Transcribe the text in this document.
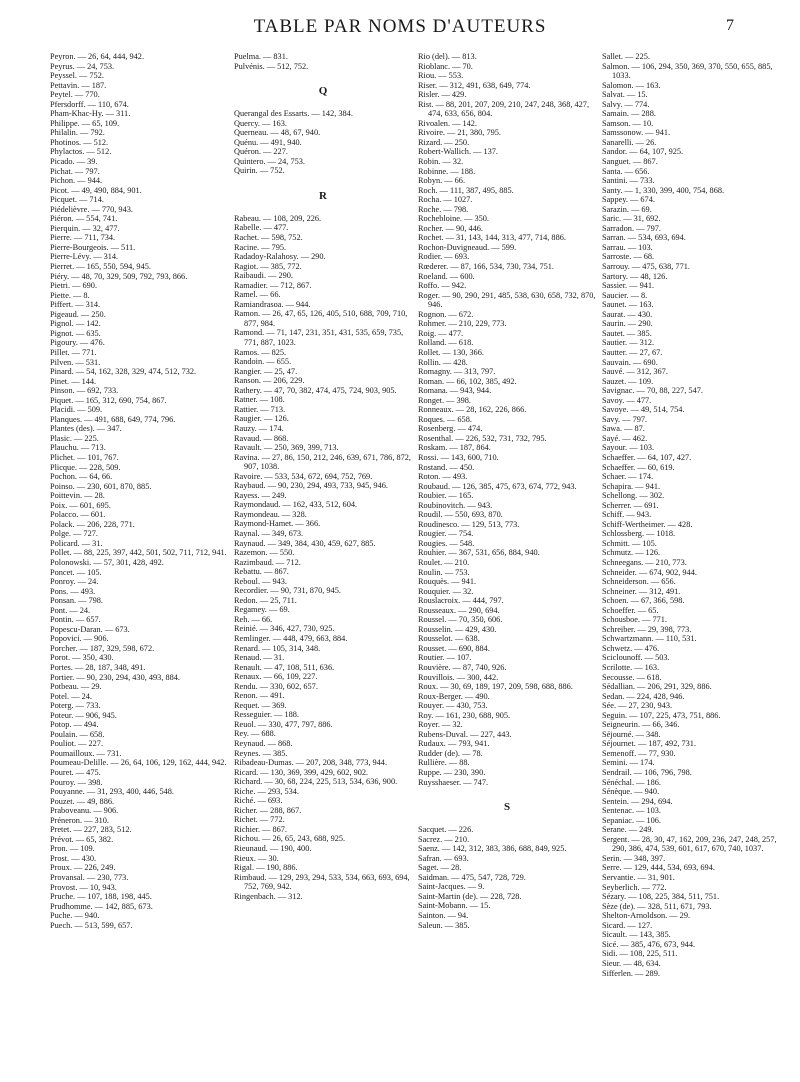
TABLE PAR NOMS D'AUTEURS	7
Peyron. — 26, 64, 444, 942.
Peyrus. — 24, 753.
Peyssel. — 752.
Pettavin. — 187.
Peytel. — 770.
Pfersdorff. — 110, 674.
Pham-Khac-Hy. — 311.
Philippe. — 65, 109.
Philalin. — 792.
Photinos. — 512.
Phylactos. — 512.
Picado. — 39.
Pichat. — 797.
Pichon. — 944.
Picot. — 49, 490, 884, 901.
Picquet. — 714.
Piédelièvre. — 770, 943.
Piéron. — 554, 741.
Pierquin. — 32, 477.
Pierre. — 711, 734.
Pierre-Bourgeois. — 511.
Pierre-Lévy. — 314.
Pierret. — 165, 550, 594, 945.
Piéry. — 48, 70, 329, 509, 792, 793, 866.
Pietri. — 690.
Piette. — 8.
Piffert. — 314.
Pigeaud. — 250.
Pignol. — 142.
Pignot. — 635.
Pigoury. — 476.
Pillet. — 771.
Pilven. — 531.
Pinard. — 54, 162, 328, 329, 474, 512, 732.
Pinet. — 144.
Pinson. — 692, 733.
Piquet. — 165, 312, 690, 754, 867.
Placidi. — 509.
Planques. — 491, 688, 649, 774, 796.
Plantes (des). — 347.
Plasic. — 225.
Plauchu. — 713.
Plichet. — 101, 767.
Plicque. — 228, 509.
Pochon. — 64, 66.
Poinso. — 230, 601, 870, 885.
Poittevin. — 28.
Poix. — 601, 695.
Polacco. — 601.
Polack. — 206, 228, 771.
Polge. — 727.
Policard. — 31.
Pollet. — 88, 225, 397, 442, 501, 502, 711, 712, 941.
Polonowski. — 57, 301, 428, 492.
Poncet. — 105.
Ponroy. — 24.
Pons. — 493.
Ponsan. — 798.
Pont. — 24.
Pontin. — 657.
Popescu-Daran. — 673.
Popovici. — 906.
Porcher. — 187, 329, 598, 672.
Porot. — 350, 430.
Portes. — 28, 187, 348, 491.
Portier. — 90, 230, 294, 430, 493, 884.
Potbeau. — 29.
Potel. — 24.
Poterg. — 733.
Poteur. — 906, 945.
Potop. — 494.
Poulain. — 658.
Pouliot. — 227.
Poumailloux. — 731.
Poumeau-Delille. — 26, 64, 106, 129, 162, 444, 942.
Pouret. — 475.
Pouroy. — 398.
Pouyanne. — 31, 293, 400, 446, 548.
Pouzet. — 49, 886.
Prabovеanu. — 906.
Préneron. — 310.
Pretet. — 227, 283, 512.
Prévot. — 65, 382.
Pron. — 109.
Prost. — 430.
Proux. — 226, 249.
Provansal. — 230, 773.
Provost. — 10, 943.
Pruche. — 107, 188, 198, 445.
Prudhomme. — 142, 885, 673.
Puche. — 940.
Puech. — 513, 599, 657.
Puelma. — 831.
Pulvénis. — 512, 752.
Q
Querangal des Essarts. — 142, 384.
Quercy. — 163.
Querneau. — 48, 67, 940.
Quénu. — 491, 940.
Quéron. — 227.
Quintero. — 24, 753.
Quirin. — 752.
R
Rabeau. — 108, 209, 226.
Rabelle. — 477.
Rachet. — 598, 752.
Racine. — 795.
Radadoy-Ralahosy. — 290.
Ragiot. — 385, 772.
Raibaudi. — 290.
Ramadier. — 712, 867.
Ramel. — 66.
Ramiandrasoa. — 944.
Ramon. — 26, 47, 65, 126, 405, 510, 688, 709, 710, 877, 984.
Ramond. — 71, 147, 231, 351, 431, 535, 659, 735, 771, 887, 1023.
Ramos. — 825.
Randoin. — 655.
Rangier. — 25, 47.
Ranson. — 206, 229.
Rathery. — 47, 70, 382, 474, 475, 724, 903, 905.
Ratner. — 108.
Rattier. — 713.
Raugier. — 126.
Rauzy. — 174.
Ravaud. — 868.
Ravault. — 250, 369, 399, 713.
Ravina. — 27, 86, 150, 212, 246, 639, 671, 786, 872, 907, 1038.
Ravoire. — 533, 534, 672, 694, 752, 769.
Raybaud. — 90, 230, 294, 493, 733, 945, 946.
Rayess. — 249.
Raymondaud. — 162, 433, 512, 604.
Raymondeau. — 328.
Raymond-Hamet. — 366.
Raynal. — 349, 673.
Raynaud. — 349, 384, 430, 459, 627, 885.
Razemon. — 550.
Razimbaud. — 712.
Rebattu. — 867.
Reboul. — 943.
Recordier. — 90, 731, 870, 945.
Redon. — 25, 711.
Regamey. — 69.
Reh. — 66.
Reinié. — 346, 427, 730, 925.
Remlinger. — 448, 479, 663, 884.
Renard. — 105, 314, 348.
Renaud. — 31.
Renault. — 47, 108, 511, 636.
Renaux. — 66, 109, 227.
Rendu. — 330, 602, 657.
Renon. — 491.
Requet. — 369.
Resseguier. — 188.
Reuol. — 330, 477, 797, 886.
Rey. — 688.
Reynaud. — 868.
Reynes. — 385.
Ribadeau-Dumas. — 207, 208, 348, 773, 944.
Ricard. — 130, 369, 399, 429, 602, 902.
Richard. — 30, 68, 224, 225, 513, 534, 636, 900.
Riche. — 293, 534.
Riché. — 693.
Richer. — 288, 867.
Richet. — 772.
Richier. — 867.
Richou. — 26, 65, 243, 688, 925.
Rieunaud. — 190, 400.
Rieux. — 30.
Rigal. — 190, 886.
Rimbaud. — 129, 293, 294, 533, 534, 663, 693, 694, 752, 769, 942.
Ringenbach. — 312.
Rio (del). — 813.
Rioblanc. — 70.
Riou. — 553.
Riser. — 312, 491, 638, 649, 774.
Risler. — 429.
Rist. — 88, 201, 207, 209, 210, 247, 248, 368, 427, 474, 633, 656, 804.
Rivoalen. — 142.
Rivoire. — 21, 380, 795.
Rizard. — 250.
Robert-Wallich. — 137.
Robin. — 32.
Robinne. — 188.
Robyn. — 66.
Roch. — 111, 387, 495, 885.
Rocha. — 1027.
Roche. — 798.
Rocheblоine. — 350.
Rocher. — 90, 446.
Rochet. — 31, 143, 144, 313, 477, 714, 886.
Rochon-Duvigneaud. — 599.
Rodier. — 693.
Rœderer. — 87, 166, 534, 730, 734, 751.
Roeland. — 600.
Roffo. — 942.
Roger. — 90, 290, 291, 485, 538, 630, 658, 732, 870, 946.
Rognon. — 672.
Rohmer. — 210, 229, 773.
Roig. — 477.
Rolland. — 618.
Rollet. — 130, 366.
Rollin. — 428.
Romagny. — 313, 797.
Roman. — 66, 102, 385, 492.
Romana. — 943, 944.
Ronget. — 398.
Ronneaux. — 28, 162, 226, 866.
Roques. — 658.
Rosenberg. — 474.
Rosenthal. — 226, 532, 731, 732, 795.
Roskam. — 187, 864.
Rossi. — 143, 600, 710.
Rostand. — 450.
Roton. — 493.
Roubaud. — 126, 385, 475, 673, 674, 772, 943.
Roubier. — 165.
Roubinovitch. — 943.
Roudil. — 550, 693, 870.
Roudinesco. — 129, 513, 773.
Rougier. — 754.
Rougies. — 548.
Rouhier. — 367, 531, 656, 884, 940.
Roulet. — 210.
Roulin. — 753.
Rouquès. — 941.
Rouquier. — 32.
Rouslacroix. — 444, 797.
Rousseaux. — 290, 694.
Roussel. — 70, 350, 606.
Rousselin. — 429, 430.
Rousselot. — 638.
Rousset. — 690, 884.
Routier. — 107.
Rouvière. — 87, 740, 926.
Rouvillois. — 300, 442.
Roux. — 30, 69, 189, 197, 209, 598, 688, 886.
Roux-Berger. — 490.
Rouyer. — 430, 753.
Roy. — 161, 230, 688, 905.
Royer. — 32.
Rubens-Duval. — 227, 443.
Rudaux. — 793, 941.
Rudder (de). — 78.
Rullière. — 88.
Ruppe. — 230, 390.
Ruysshaeser. — 747.
S
Sacquet. — 226.
Sacrez. — 210.
Saenz. — 142, 312, 383, 386, 688, 849, 925.
Safran. — 693.
Saget. — 28.
Saidman. — 475, 547, 728, 729.
Saint-Jacques. — 9.
Saint-Martin (de). — 228, 728.
Saint-Mobann. — 15.
Sainton. — 94.
Saleun. — 385.
Sallet. — 225.
Salmon. — 106, 294, 350, 369, 370, 550, 655, 885, 1033.
Salomon. — 163.
Salvat. — 15.
Salvy. — 774.
Samain. — 288.
Samson. — 10.
Samssonow. — 941.
Sanarelli. — 26.
Sandor. — 64, 107, 925.
Sanguet. — 867.
Santa. — 656.
Santini. — 733.
Santy. — 1, 330, 399, 400, 754, 868.
Sappey. — 674.
Sarazin. — 69.
Saric. — 31, 692.
Sarradon. — 797.
Sarran. — 534, 693, 694.
Sarrau. — 103.
Sarroste. — 68.
Sarrouy. — 475, 638, 771.
Sartory. — 48, 126.
Sassier. — 941.
Saucier. — 8.
Saunet. — 163.
Saurat. — 430.
Saurin. — 290.
Sautet. — 385.
Sautier. — 312.
Sautter. — 27, 67.
Sauvain. — 690.
Sauvé. — 312, 367.
Sauzet. — 109.
Savignac. — 70, 88, 227, 547.
Savoy. — 477.
Savoye. — 49, 514, 754.
Savy. — 797.
Sawa. — 87.
Sayé. — 462.
Sayour. — 103.
Schaeffer. — 64, 107, 427.
Schaeffer. — 60, 619.
Schaer. — 174.
Schapira. — 941.
Schellong. — 302.
Scherrer. — 691.
Schiff. — 943.
Schiff-Wertheimer. — 428.
Schlossberg. — 1018.
Schmitt. — 105.
Schmutz. — 126.
Schneegans. — 210, 773.
Schneider. — 674, 902, 944.
Schneiderson. — 656.
Schneiner. — 312, 491.
Schoen. — 67, 366, 598.
Schoeffer. — 65.
Schousboe. — 771.
Schreiber. — 29, 398, 773.
Schwartzmann. — 110, 531.
Schwetz. — 476.
Sciclounoff. — 503.
Scrilotte. — 163.
Secousse. — 618.
Sédallian. — 206, 291, 329, 886.
Sedan. — 224, 428, 946.
Sée. — 27, 230, 943.
Seguin. — 107, 225, 473, 751, 886.
Seigneurin. — 66, 346.
Séjourné. — 348.
Séjournet. — 187, 492, 731.
Semenoff. — 77, 930.
Semini. — 174.
Sendrail. — 106, 796, 798.
Sénéchal. — 186.
Sénèque. — 940.
Sentein. — 294, 694.
Sentenac. — 103.
Sepaniac. — 106.
Serane. — 249.
Sergent. — 28, 30, 47, 162, 209, 236, 247, 248, 257, 290, 386, 474, 539, 601, 617, 670, 740, 1037.
Serin. — 348, 397.
Serre. — 129, 444, 534, 693, 694.
Servantie. — 31, 901.
Seyberlich. — 772.
Sézary. — 108, 225, 384, 511, 751.
Sèze (de). — 328, 511, 671, 793.
Shelton-Arnoldson. — 29.
Sicard. — 127.
Sicault. — 143, 385.
Sicé. — 385, 476, 673, 944.
Sidi. — 108, 225, 511.
Sieur. — 48, 634.
Sifferlen. — 289.
